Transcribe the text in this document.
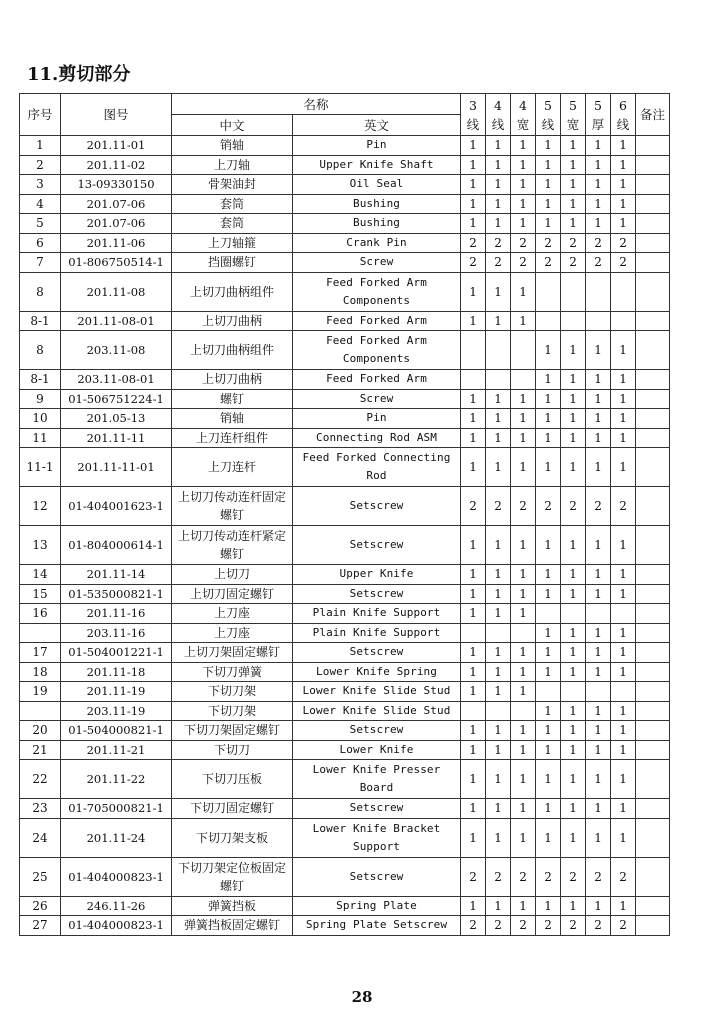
11.剪切部分
序号	图号	名称		3线	4线	4宽	5线	5宽	5厚	6线	备注
		中文	英文								
1	201.11-01	销轴	Pin	1	1	1	1	1	1	1	
2	201.11-02	上刀轴	Upper Knife Shaft	1	1	1	1	1	1	1	
3	13-09330150	骨架油封	Oil Seal	1	1	1	1	1	1	1	
4	201.07-06	套筒	Bushing	1	1	1	1	1	1	1	
5	201.07-06	套筒	Bushing	1	1	1	1	1	1	1	
6	201.11-06	上刀轴箍	Crank Pin	2	2	2	2	2	2	2	
7	01-806750514-1	挡圈螺钉	Screw	2	2	2	2	2	2	2	
8	201.11-08	上切刀曲柄组件	Feed Forked Arm Components	1	1	1					
8-1	201.11-08-01	上切刀曲柄	Feed Forked Arm	1	1	1					
8	203.11-08	上切刀曲柄组件	Feed Forked Arm Components				1	1	1	1	
8-1	203.11-08-01	上切刀曲柄	Feed Forked Arm				1	1	1	1	
9	01-506751224-1	螺钉	Screw	1	1	1	1	1	1	1	
10	201.05-13	销轴	Pin	1	1	1	1	1	1	1	
11	201.11-11	上刀连杆组件	Connecting Rod ASM	1	1	1	1	1	1	1	
11-1	201.11-11-01	上刀连杆	Feed Forked Connecting Rod	1	1	1	1	1	1	1	
12	01-404001623-1	上切刀传动连杆固定螺钉	Setscrew	2	2	2	2	2	2	2	
13	01-804000614-1	上切刀传动连杆紧定螺钉	Setscrew	1	1	1	1	1	1	1	
14	201.11-14	上切刀	Upper Knife	1	1	1	1	1	1	1	
15	01-535000821-1	上切刀固定螺钉	Setscrew	1	1	1	1	1	1	1	
16	201.11-16	上刀座	Plain Knife Support	1	1	1					
	203.11-16	上刀座	Plain Knife Support				1	1	1	1	
17	01-504001221-1	上切刀架固定螺钉	Setscrew	1	1	1	1	1	1	1	
18	201.11-18	下切刀弹簧	Lower Knife Spring	1	1	1	1	1	1	1	
19	201.11-19	下切刀架	Lower Knife Slide Stud	1	1	1					
	203.11-19	下切刀架	Lower Knife Slide Stud				1	1	1	1	
20	01-504000821-1	下切刀架固定螺钉	Setscrew	1	1	1	1	1	1	1	
21	201.11-21	下切刀	Lower Knife	1	1	1	1	1	1	1	
22	201.11-22	下切刀压板	Lower Knife Presser Board	1	1	1	1	1	1	1	
23	01-705000821-1	下切刀固定螺钉	Setscrew	1	1	1	1	1	1	1	
24	201.11-24	下切刀架支板	Lower Knife Bracket Support	1	1	1	1	1	1	1	
25	01-404000823-1	下切刀架定位板固定螺钉	Setscrew	2	2	2	2	2	2	2	
26	246.11-26	弹簧挡板	Spring Plate	1	1	1	1	1	1	1	
27	01-404000823-1	弹簧挡板固定螺钉	Spring Plate Setscrew	2	2	2	2	2	2	2	
28
